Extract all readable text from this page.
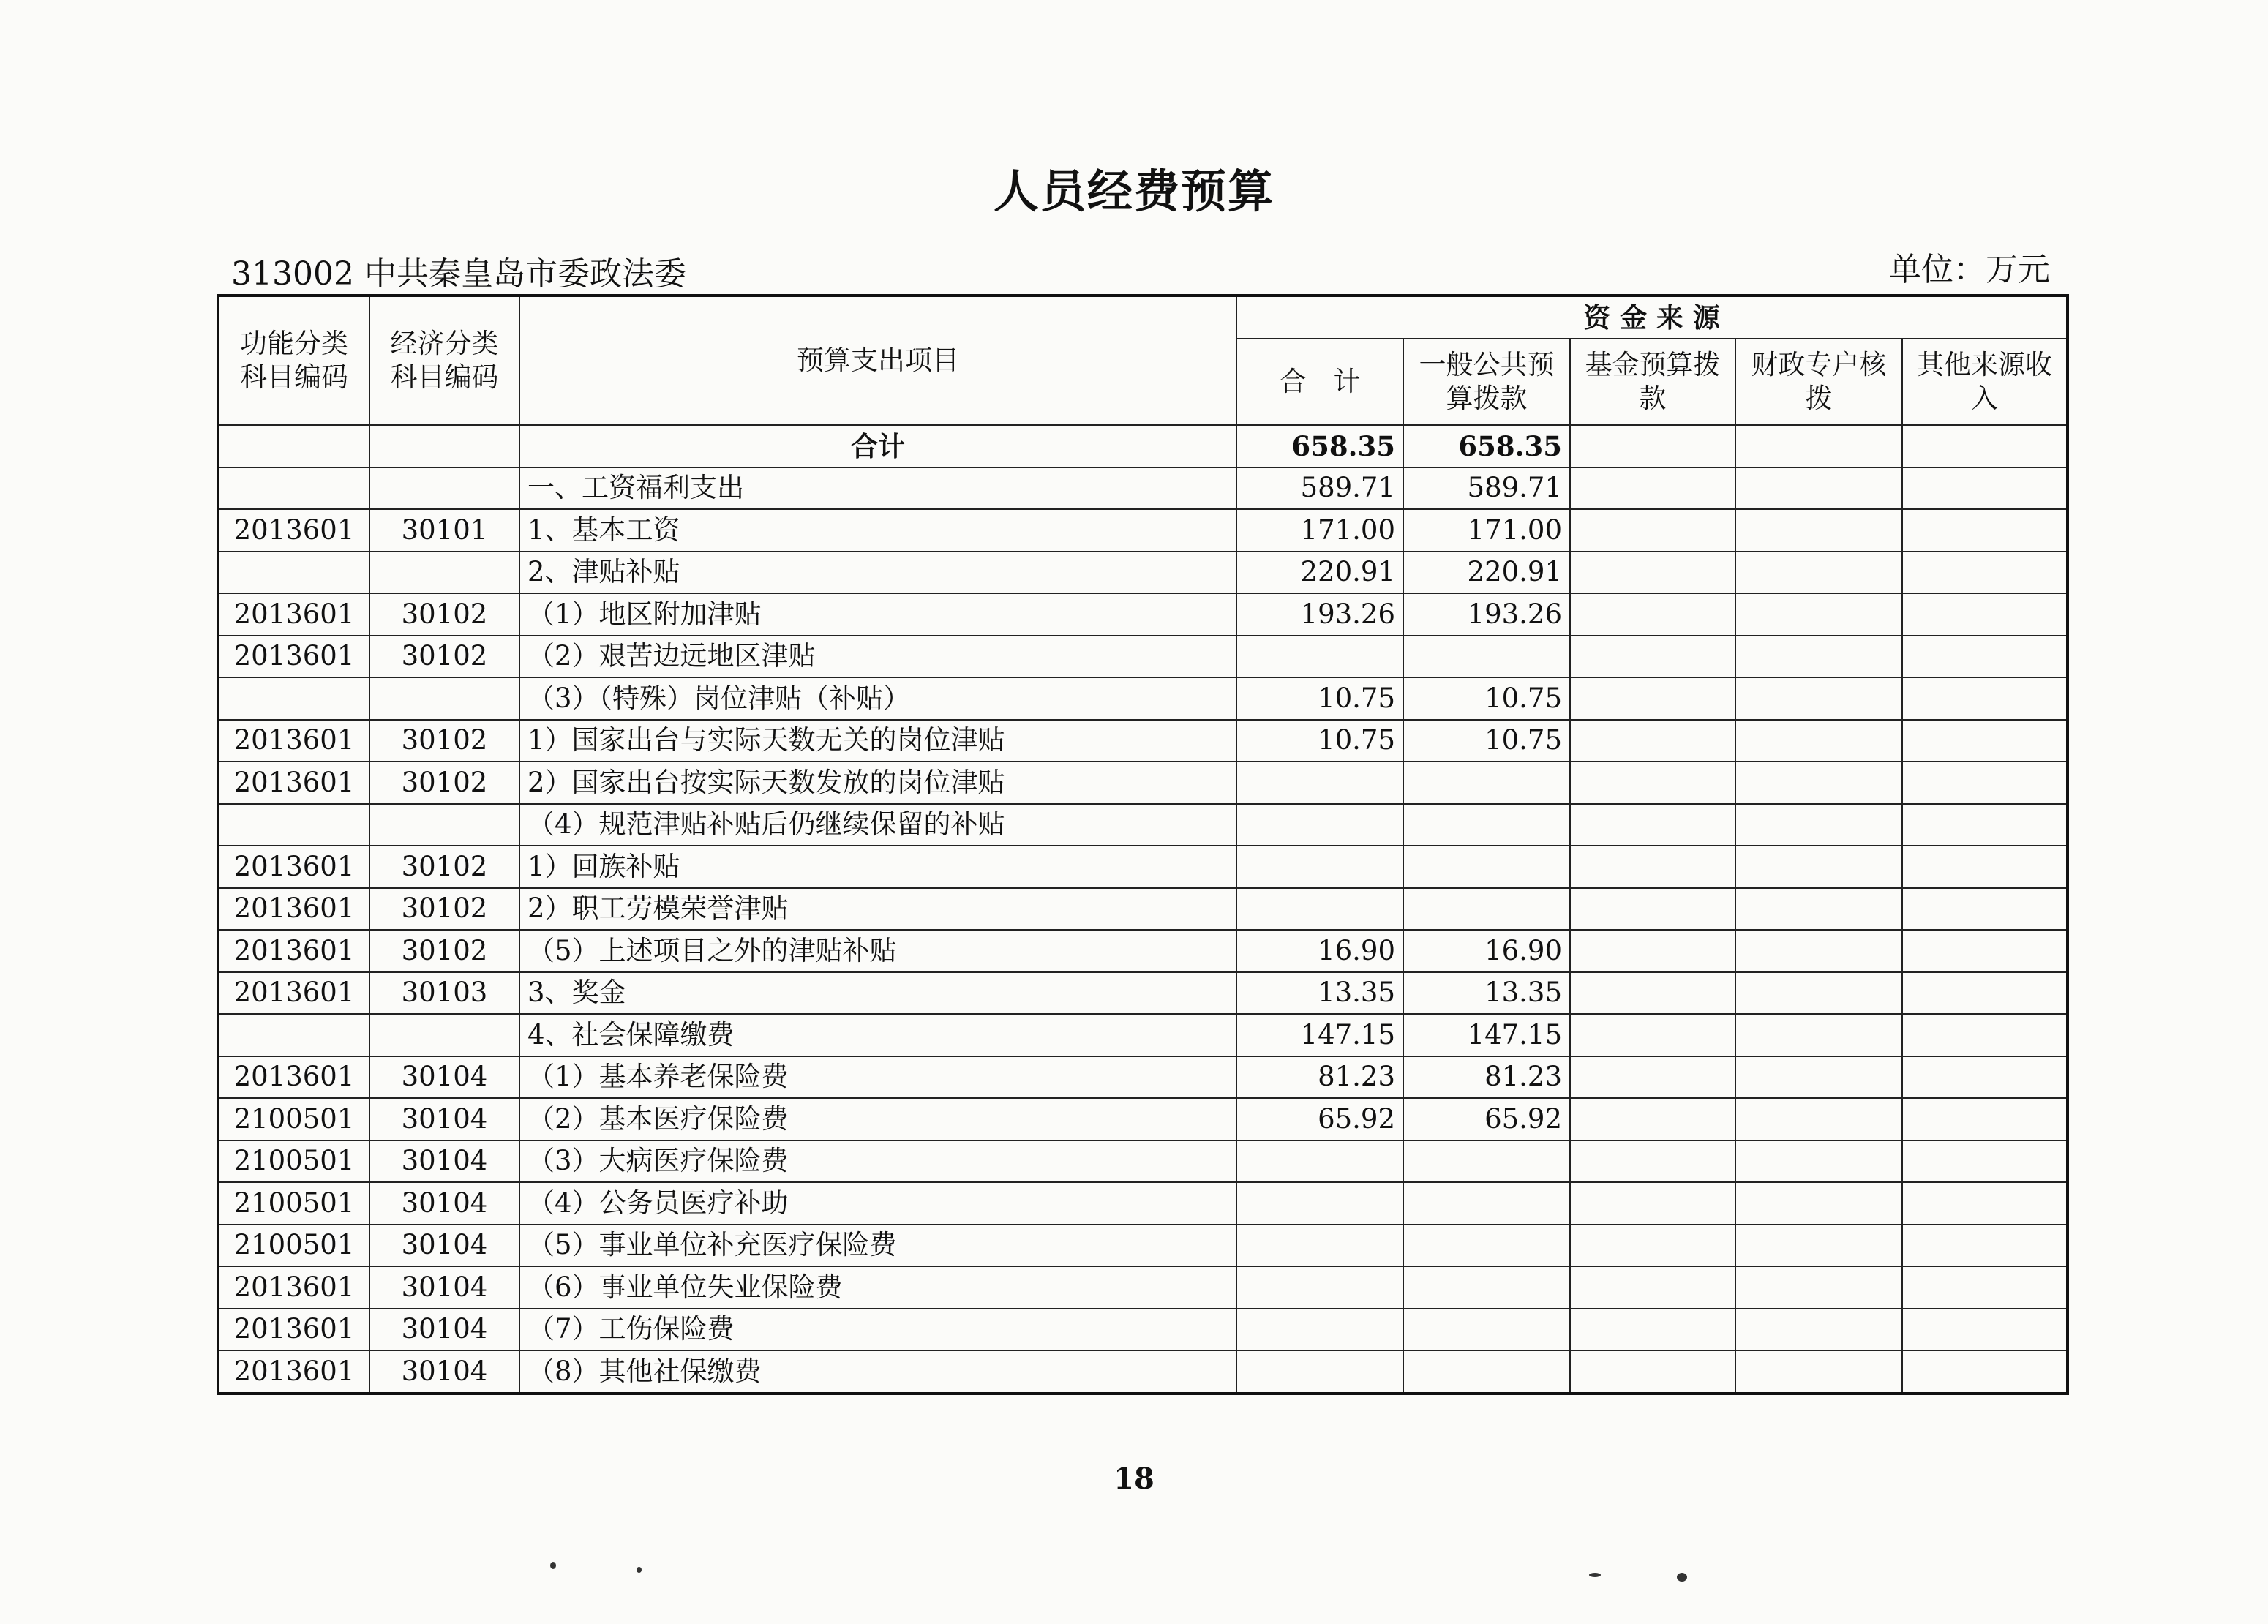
人员经费预算
313002 中共秦皇岛市委政法委	单位：万元
功能分类科目编码	经济分类科目编码	预算支出项目	资 金 来 源				
			合　计	一般公共预算拨款	基金预算拨款	财政专户核拨	其他来源收入
		合计	658.35	658.35			
		一、工资福利支出	589.71	589.71			
2013601	30101	1、基本工资	171.00	171.00			
		2、津贴补贴	220.91	220.91			
2013601	30102	（1）地区附加津贴	193.26	193.26			
2013601	30102	（2）艰苦边远地区津贴					
		（3）（特殊）岗位津贴（补贴）	10.75	10.75			
2013601	30102	1）国家出台与实际天数无关的岗位津贴	10.75	10.75			
2013601	30102	2）国家出台按实际天数发放的岗位津贴					
		（4）规范津贴补贴后仍继续保留的补贴					
2013601	30102	1）回族补贴					
2013601	30102	2）职工劳模荣誉津贴					
2013601	30102	（5）上述项目之外的津贴补贴	16.90	16.90			
2013601	30103	3、奖金	13.35	13.35			
		4、社会保障缴费	147.15	147.15			
2013601	30104	（1）基本养老保险费	81.23	81.23			
2100501	30104	（2）基本医疗保险费	65.92	65.92			
2100501	30104	（3）大病医疗保险费					
2100501	30104	（4）公务员医疗补助					
2100501	30104	（5）事业单位补充医疗保险费					
2013601	30104	（6）事业单位失业保险费					
2013601	30104	（7）工伤保险费					
2013601	30104	（8）其他社保缴费					
18
